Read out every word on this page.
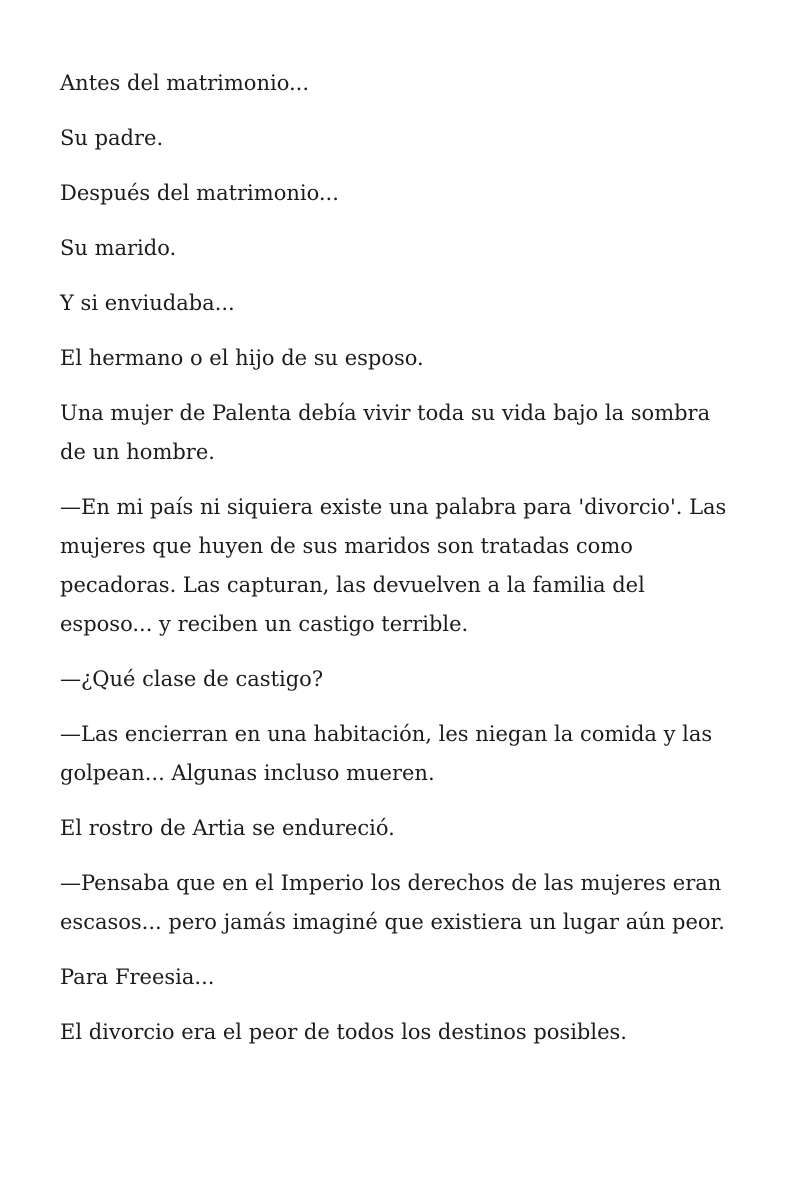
Antes del matrimonio...

Su padre.

Después del matrimonio...

Su marido.

Y si enviudaba...

El hermano o el hijo de su esposo.

Una mujer de Palenta debía vivir toda su vida bajo la sombra de un hombre.

—En mi país ni siquiera existe una palabra para 'divorcio'. Las mujeres que huyen de sus maridos son tratadas como pecadoras. Las capturan, las devuelven a la familia del esposo... y reciben un castigo terrible.

—¿Qué clase de castigo?

—Las encierran en una habitación, les niegan la comida y las golpean... Algunas incluso mueren.

El rostro de Artia se endureció.

—Pensaba que en el Imperio los derechos de las mujeres eran escasos... pero jamás imaginé que existiera un lugar aún peor.

Para Freesia...

El divorcio era el peor de todos los destinos posibles.
